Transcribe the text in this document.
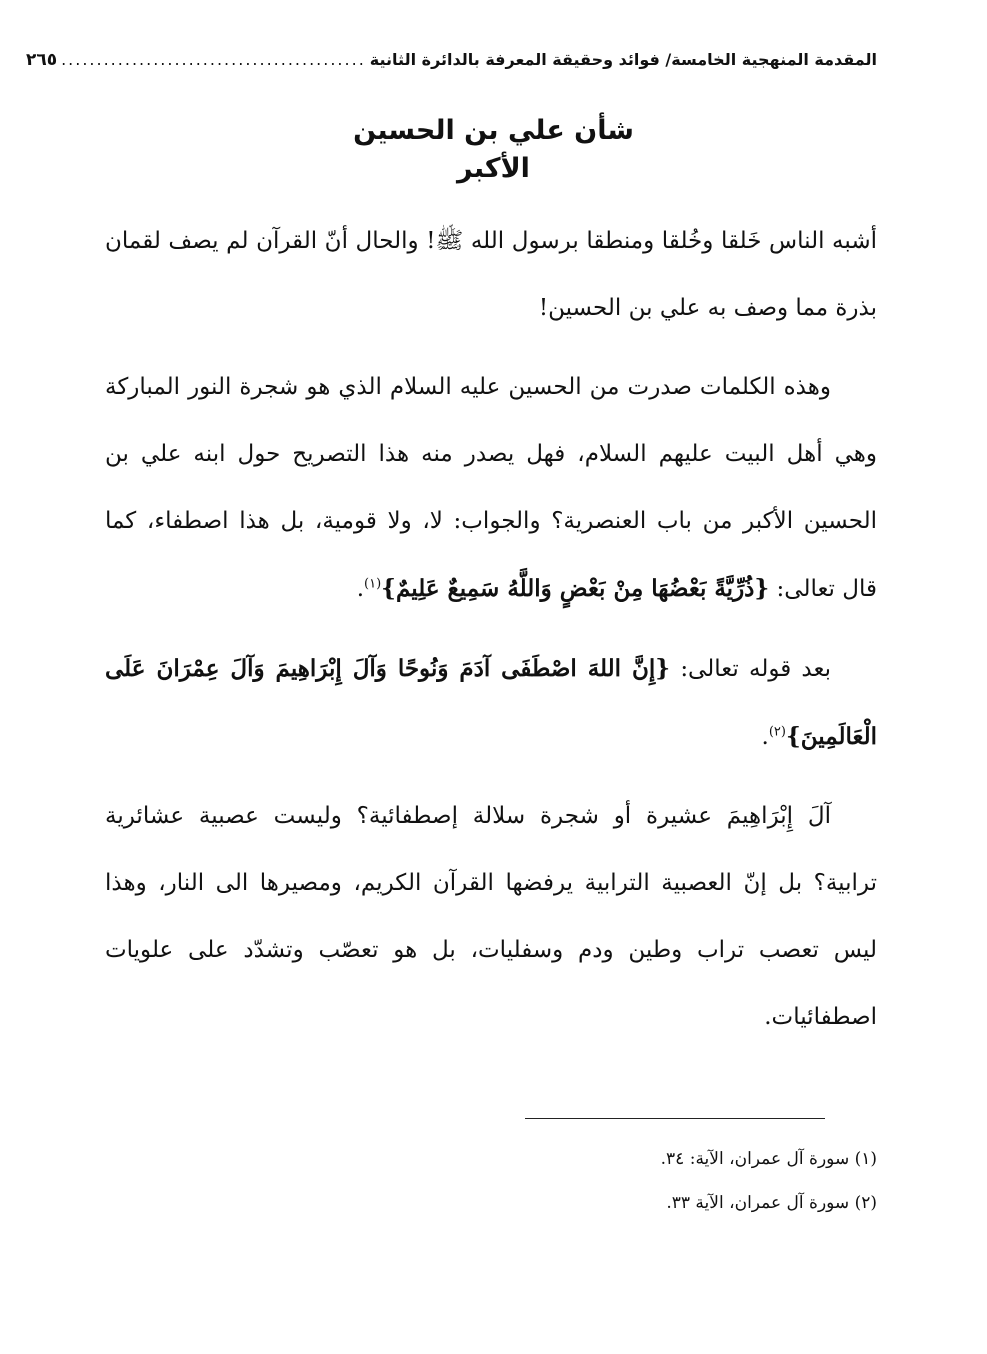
المقدمة المنهجية الخامسة/ فوائد وحقيقة المعرفة بالدائرة الثانية
...........................................
٢٦٥
شأن علي بن الحسين
الأكبر

أشبه الناس خَلقا وخُلقا ومنطقا برسول الله ﷺ! والحال أنّ القرآن لم يصف لقمان بذرة مما وصف به علي بن الحسين!

وهذه الكلمات صدرت من الحسين عليه السلام الذي هو شجرة النور المباركة وهي أهل البيت عليهم السلام، فهل يصدر منه هذا التصريح حول ابنه علي بن الحسين الأكبر من باب العنصرية؟ والجواب: لا، ولا قومية، بل هذا اصطفاء، كما قال تعالى: {ذُرِّيَّةً بَعْضُهَا مِنْ بَعْضٍ وَاللَّهُ سَمِيعٌ عَلِيمٌ}$^{(١)}$.

بعد قوله تعالى: {إِنَّ اللهَ اصْطَفَى آدَمَ وَنُوحًا وَآلَ إِبْرَاهِيمَ وَآلَ عِمْرَانَ عَلَى الْعَالَمِينَ}$^{(٢)}$.

آلَ إِبْرَاهِيمَ عشيرة أو شجرة سلالة إصطفائية؟ وليست عصبية عشائرية ترابية؟ بل إنّ العصبية الترابية يرفضها القرآن الكريم، ومصيرها الى النار، وهذا ليس تعصب تراب وطين ودم وسفليات، بل هو تعصّب وتشدّد على علويات اصطفائيات.

(١) سورة آل عمران، الآية: ٣٤.

(٢) سورة آل عمران، الآية ٣٣.
